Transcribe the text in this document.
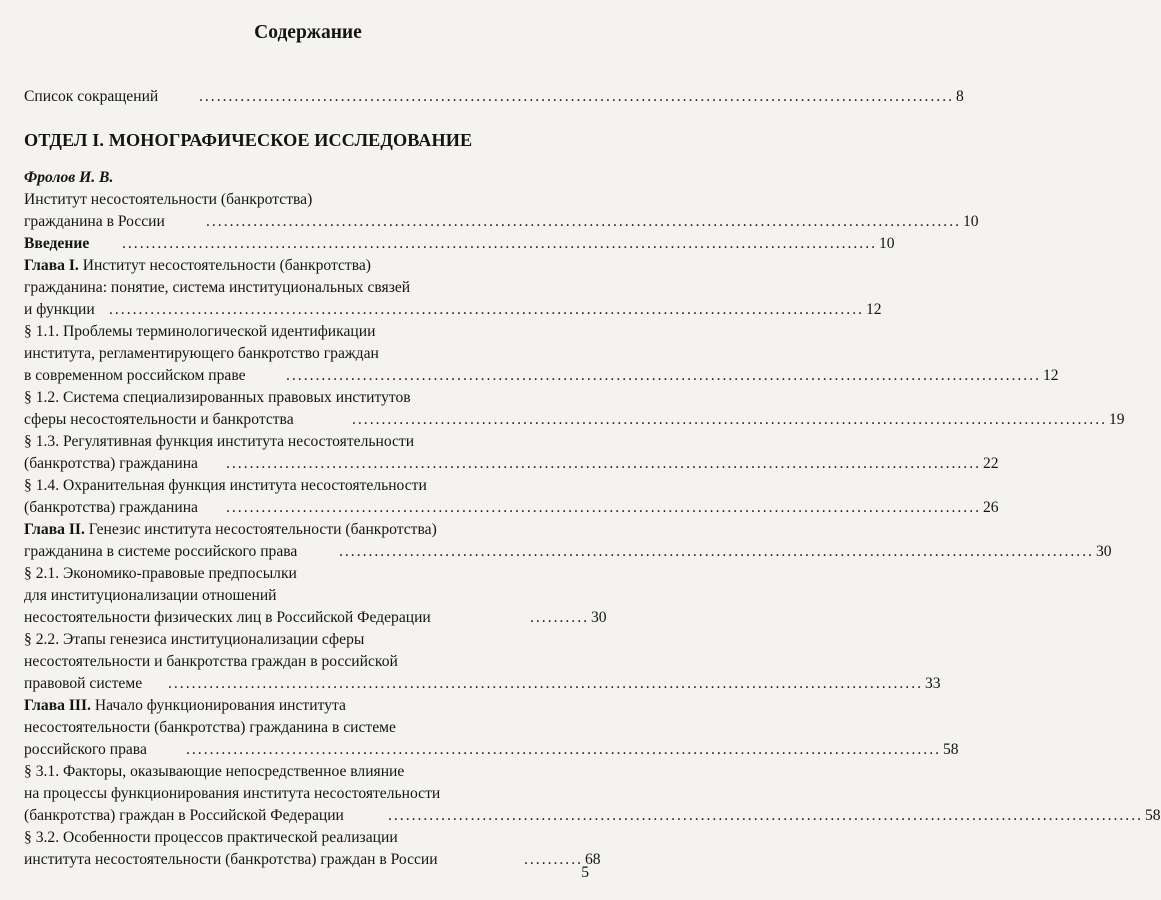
Содержание
Список сокращений	................................................................................................................................ 8
ОТДЕЛ I. МОНОГРАФИЧЕСКОЕ ИССЛЕДОВАНИЕ
Фролов И. В.
Институт несостоятельности (банкротства)
гражданина в России	................................................................................................................................ 10
Введение ................................................................................................................................ 10
Глава I. Институт несостоятельности (банкротства)
гражданина: понятие, система институциональных связей
и функции ................................................................................................................................ 12
§ 1.1. Проблемы терминологической идентификации
института, регламентирующего банкротство граждан
в современном российском праве	................................................................................................................................ 12
§ 1.2. Система специализированных правовых институтов
сферы несостоятельности и банкротства	................................................................................................................................ 19
§ 1.3. Регулятивная функция института несостоятельности
(банкротства) гражданина ................................................................................................................................ 22
§ 1.4. Охранительная функция института несостоятельности
(банкротства) гражданина ................................................................................................................................ 26
Глава II. Генезис института несостоятельности (банкротства)
гражданина в системе российского права	................................................................................................................................ 30
§ 2.1. Экономико-правовые предпосылки
для институционализации отношений
несостоятельности физических лиц в Российской Федерации	.......... 30
§ 2.2. Этапы генезиса институционализации сферы
несостоятельности и банкротства граждан в российской
правовой системе ................................................................................................................................ 33
Глава III. Начало функционирования института
несостоятельности (банкротства) гражданина в системе
российского права	................................................................................................................................ 58
§ 3.1. Факторы, оказывающие непосредственное влияние
на процессы функционирования института несостоятельности
(банкротства) граждан в Российской Федерации	................................................................................................................................ 58
§ 3.2. Особенности процессов практической реализации
института несостоятельности (банкротства) граждан в России	.......... 68
5
